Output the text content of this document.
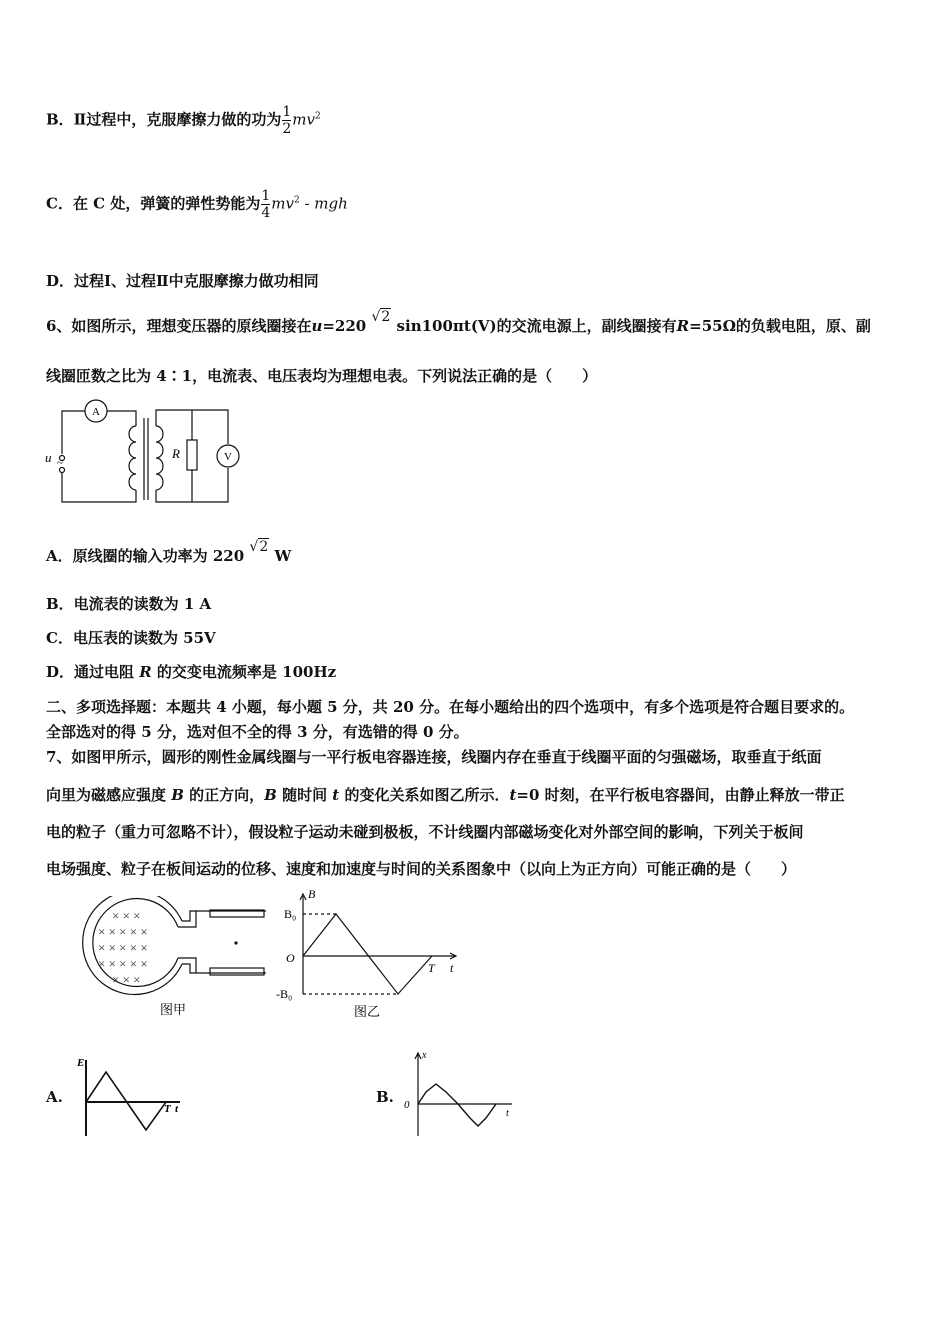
B．Ⅱ过程中，克服摩擦力做的功为 $\frac{1}{2} mv^2$
C．在 C 处，弹簧的弹性势能为 $\frac{1}{4} mv^2$ - mgh
D．过程Ⅰ、过程Ⅱ中克服摩擦力做功相同
6、如图所示，理想变压器的原线圈接在u=220 √2 sin100πt(V)的交流电源上，副线圈接有R=55Ω的负载电阻，原、副
线圈匝数之比为 4∶1，电流表、电压表均为理想电表。下列说法正确的是（　　）
A
V
R
u ~
A．原线圈的输入功率为 220 √2 W
B．电流表的读数为 1 A
C．电压表的读数为 55V
D．通过电阻 R 的交变电流频率是 100Hz
二、多项选择题：本题共 4 小题，每小题 5 分，共 20 分。在每小题给出的四个选项中，有多个选项是符合题目要求的。
全部选对的得 5 分，选对但不全的得 3 分，有选错的得 0 分。
7、如图甲所示，圆形的刚性金属线圈与一平行板电容器连接，线圈内存在垂直于线圈平面的匀强磁场，取垂直于纸面
向里为磁感应强度 B 的正方向，B 随时间 t 的变化关系如图乙所示．t=0 时刻，在平行板电容器间，由静止释放一带正
电的粒子（重力可忽略不计），假设粒子运动未碰到极板，不计线圈内部磁场变化对外部空间的影响，下列关于板间
电场强度、粒子在板间运动的位移、速度和加速度与时间的关系图象中（以向上为正方向）可能正确的是（　　）
× × ×
× × × × ×
× × × × ×
× × × × ×
× × ×
图甲
B
B₀
O
T t
-B₀
图乙
A.
E
T t
B.
x
0
t
